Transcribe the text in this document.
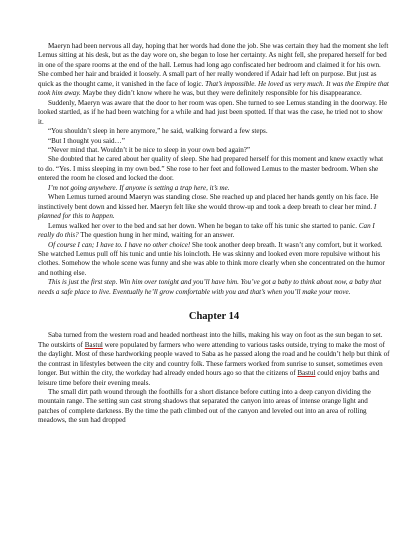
Maeryn had been nervous all day, hoping that her words had done the job. She was certain they had the moment she left Lemus sitting at his desk, but as the day wore on, she began to lose her certainty. As night fell, she prepared herself for bed in one of the spare rooms at the end of the hall. Lemus had long ago confiscated her bedroom and claimed it for his own. She combed her hair and braided it loosely. A small part of her really wondered if Adair had left on purpose. But just as quick as the thought came, it vanished in the face of logic. That’s impossible. He loved us very much. It was the Empire that took him away. Maybe they didn’t know where he was, but they were definitely responsible for his disappearance.

Suddenly, Maeryn was aware that the door to her room was open. She turned to see Lemus standing in the doorway. He looked startled, as if he had been watching for a while and had just been spotted. If that was the case, he tried not to show it.

“You shouldn’t sleep in here anymore,” he said, walking forward a few steps.

“But I thought you said…”

“Never mind that. Wouldn’t it be nice to sleep in your own bed again?”

She doubted that he cared about her quality of sleep. She had prepared herself for this moment and knew exactly what to do. “Yes. I miss sleeping in my own bed.” She rose to her feet and followed Lemus to the master bedroom. When she entered the room he closed and locked the door.

I’m not going anywhere. If anyone is setting a trap here, it’s me.

When Lemus turned around Maeryn was standing close. She reached up and placed her hands gently on his face. He instinctively bent down and kissed her. Maeryn felt like she would throw-up and took a deep breath to clear her mind. I planned for this to happen.

Lemus walked her over to the bed and sat her down. When he began to take off his tunic she started to panic. Can I really do this? The question hung in her mind, waiting for an answer.

Of course I can; I have to. I have no other choice! She took another deep breath. It wasn’t any comfort, but it worked. She watched Lemus pull off his tunic and untie his loincloth. He was skinny and looked even more repulsive without his clothes. Somehow the whole scene was funny and she was able to think more clearly when she concentrated on the humor and nothing else.

This is just the first step. Win him over tonight and you’ll have him. You’ve got a baby to think about now, a baby that needs a safe place to live. Eventually he’ll grow comfortable with you and that’s when you’ll make your move.

Chapter 14

Saba turned from the western road and headed northeast into the hills, making his way on foot as the sun began to set. The outskirts of Bastul were populated by farmers who were attending to various tasks outside, trying to make the most of the daylight. Most of these hardworking people waved to Saba as he passed along the road and he couldn’t help but think of the contrast in lifestyles between the city and country folk. These farmers worked from sunrise to sunset, sometimes even longer. But within the city, the workday had already ended hours ago so that the citizens of Bastul could enjoy baths and leisure time before their evening meals.

The small dirt path wound through the foothills for a short distance before cutting into a deep canyon dividing the mountain range. The setting sun cast strong shadows that separated the canyon into areas of intense orange light and patches of complete darkness. By the time the path climbed out of the canyon and leveled out into an area of rolling meadows, the sun had dropped
